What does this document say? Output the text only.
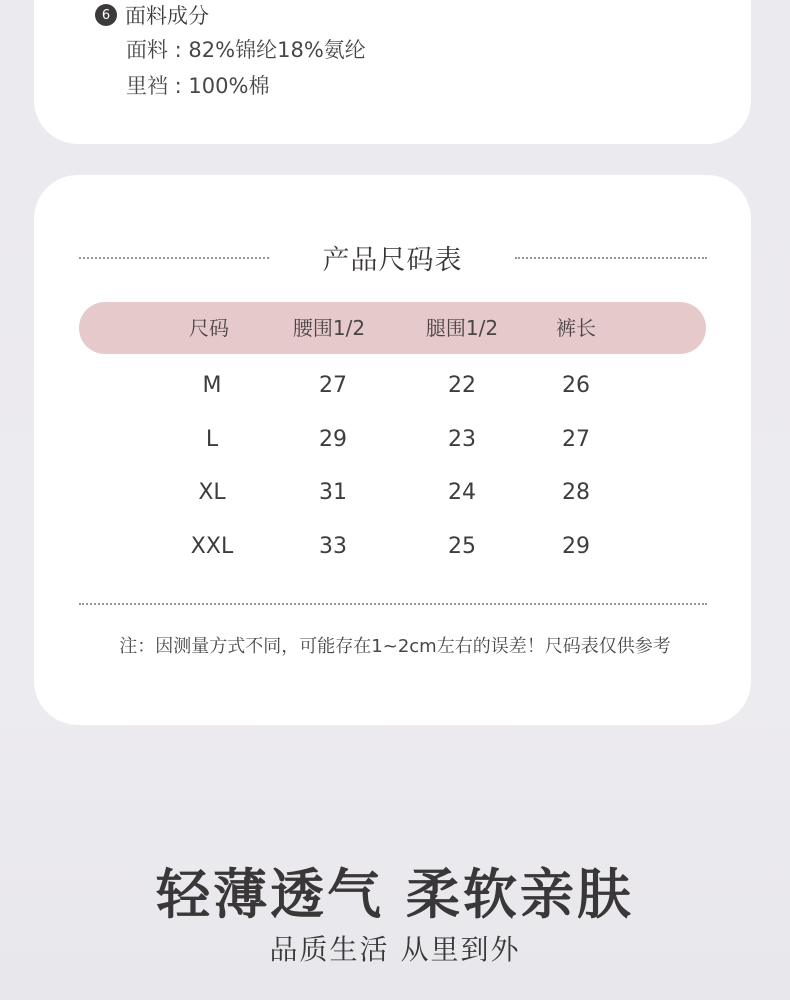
6 面料成分
面料 : 82%锦纶18%氨纶
里裆 : 100%棉
产品尺码表
尺码	腰围1/2	腿围1/2	裤长
M	27	22	26
L	29	23	27
XL	31	24	28
XXL	33	25	29
注：因测量方式不同，可能存在1~2cm左右的误差！尺码表仅供参考
轻薄透气 柔软亲肤
品质生活 从里到外
